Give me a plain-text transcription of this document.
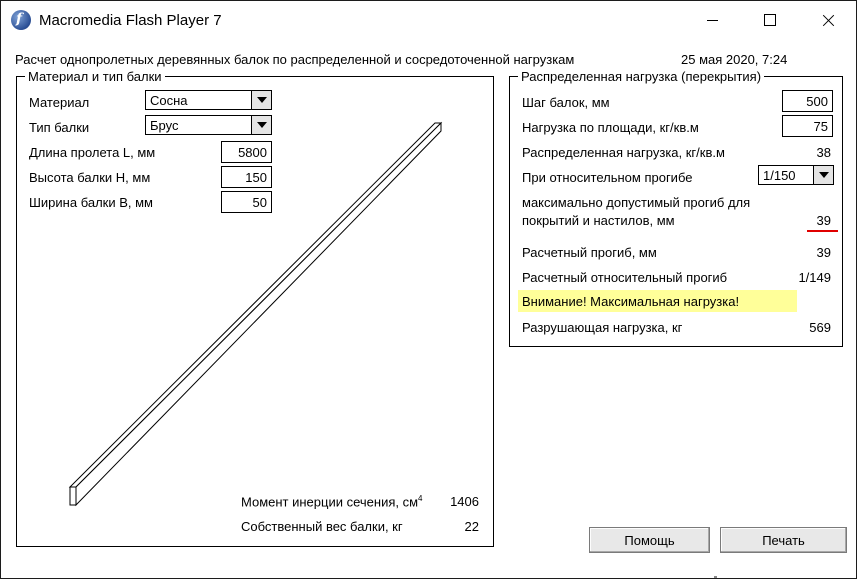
f Macromedia Flash Player 7
Расчет однопролетных деревянных балок по распределенной и сосредоточенной нагрузкам	25 мая 2020, 7:24
Материал и тип балки
Материал	Сосна
Тип балки	Брус
Длина пролета L, мм	5800
Высота балки H, мм	150
Ширина балки B, мм	50
Момент инерции сечения, $см^4$	1406
Собственный вес балки, кг	22
Распределенная нагрузка (перекрытия)
Шаг балок, мм	500
Нагрузка по площади, кг/кв.м	75
Распределенная нагрузка, кг/кв.м	38
При относительном прогибе	1/150
максимально допустимый прогиб для
покрытий и настилов, мм	39
Расчетный прогиб, мм	39
Расчетный относительный прогиб	1/149
Внимание! Максимальная нагрузка!
Разрушающая нагрузка, кг	569
Помощь	Печать
